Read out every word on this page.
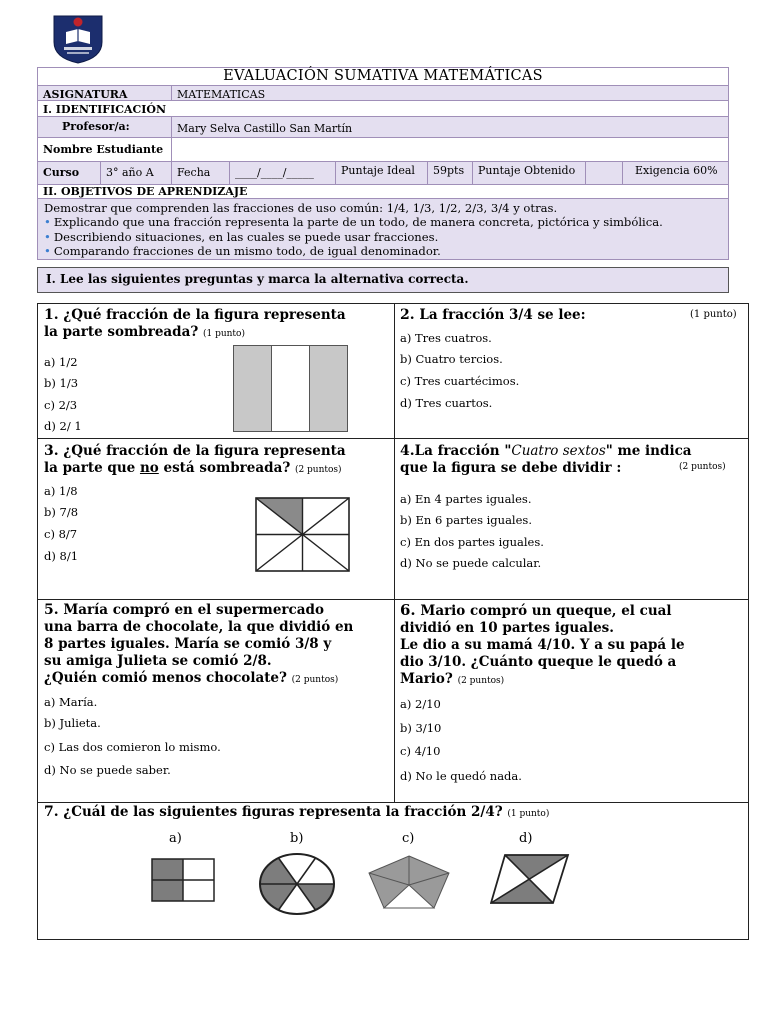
EVALUACIÓN SUMATIVA MATEMÁTICAS
ASIGNATURA	MATEMATICAS
I. IDENTIFICACIÓN
Profesor/a:	Mary Selva Castillo San Martín
Nombre Estudiante
Curso	3° año A	Fecha	____/____/_____	Puntaje Ideal	59pts	Puntaje Obtenido	Exigencia 60%
II. OBJETIVOS DE APRENDIZAJE
Demostrar que comprenden las fracciones de uso común: 1/4, 1/3, 1/2, 2/3, 3/4 y otras.
• Explicando que una fracción representa la parte de un todo, de manera concreta, pictórica y simbólica.
• Describiendo situaciones, en las cuales se puede usar fracciones.
• Comparando fracciones de un mismo todo, de igual denominador.
I. Lee las siguientes preguntas y marca la alternativa correcta.
1. ¿Qué fracción de la figura representa
la parte sombreada? (1 punto)
a) 1/2
b) 1/3
c) 2/3
d) 2/ 1
2. La fracción 3/4 se lee:	(1 punto)
a) Tres cuatros.
b) Cuatro tercios.
c) Tres cuartécimos.
d) Tres cuartos.
3. ¿Qué fracción de la figura representa
la parte que no está sombreada? (2 puntos)
a) 1/8
b) 7/8
c) 8/7
d) 8/1
4.La fracción "Cuatro sextos" me indica
que la figura se debe dividir :	(2 puntos)
a) En 4 partes iguales.
b) En 6 partes iguales.
c) En dos partes iguales.
d) No se puede calcular.
5. María compró en el supermercado
una barra de chocolate, la que dividió en
8 partes iguales. María se comió 3/8 y
su amiga Julieta se comió 2/8.
¿Quién comió menos chocolate? (2 puntos)
a) María.
b) Julieta.
c) Las dos comieron lo mismo.
d) No se puede saber.
6. Mario compró un queque, el cual
dividió en 10 partes iguales.
Le dio a su mamá 4/10. Y a su papá le
dio 3/10. ¿Cuánto queque le quedó a
Mario? (2 puntos)
a) 2/10
b) 3/10
c) 4/10
d) No le quedó nada.
7. ¿Cuál de las siguientes figuras representa la fracción 2/4? (1 punto)
a)	b)	c)	d)
